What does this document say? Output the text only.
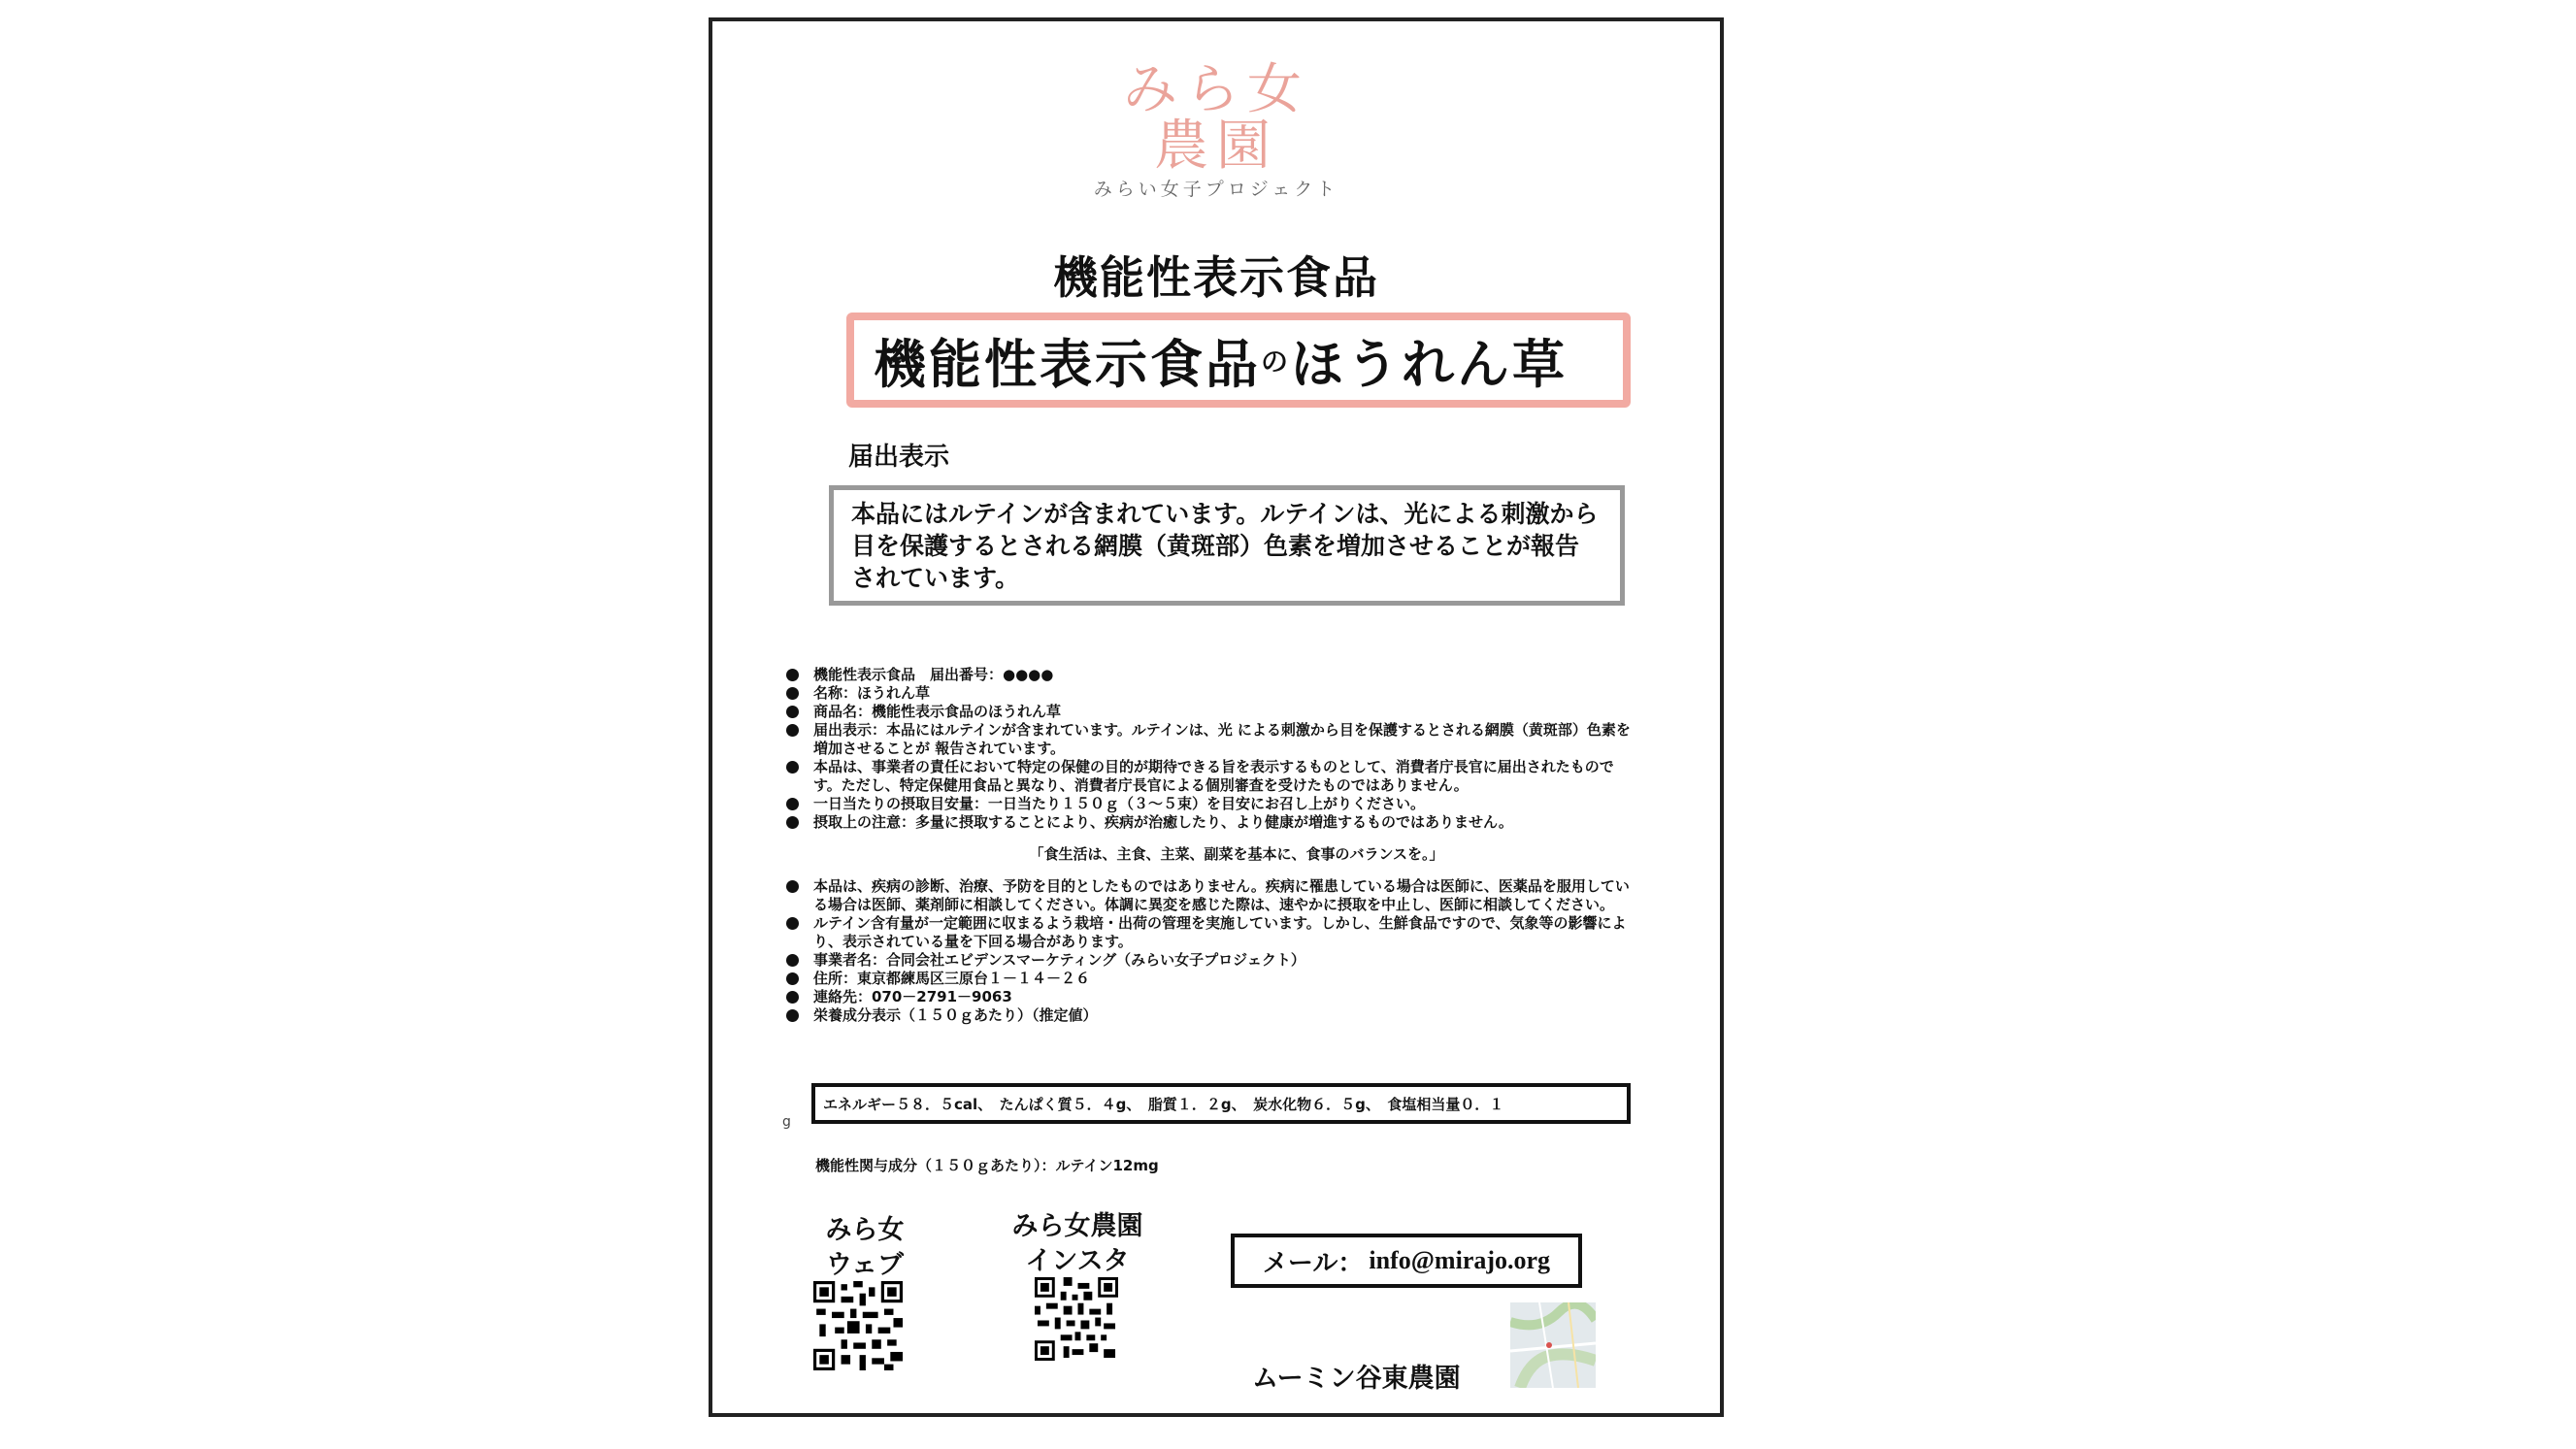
みら女
農園
みらい女子プロジェクト
機能性表示食品
機能性表示食品 の ほうれん草
届出表示
本品にはルテインが含まれています。ルテインは、光による刺激から目を保護するとされる網膜（黄斑部）色素を増加させることが報告されています。

機能性表示食品　届出番号：●●●●

名称：ほうれん草

商品名：機能性表示食品のほうれん草

届出表示：本品にはルテインが含まれています。ルテインは、光 による刺激から目を保護するとされる網膜（黄斑部）色素を増加させることが 報告されています。

本品は、事業者の責任において特定の保健の目的が期待できる旨を表示するものとして、消費者庁長官に届出されたものです。ただし、特定保健用食品と異なり、消費者庁長官による個別審査を受けたものではありません。

一日当たりの摂取目安量：一日当たり１５０ｇ（３～５束）を目安にお召し上がりください。

摂取上の注意：多量に摂取することにより、疾病が治癒したり、より健康が増進するものではありません。

「食生活は、主食、主菜、副菜を基本に、食事のバランスを。」

本品は、疾病の診断、治療、予防を目的としたものではありません。疾病に罹患している場合は医師に、医薬品を服用している場合は医師、薬剤師に相談してください。体調に異変を感じた際は、速やかに摂取を中止し、医師に相談してください。

ルテイン含有量が一定範囲に収まるよう栽培・出荷の管理を実施しています。しかし、生鮮食品ですので、気象等の影響により、表示されている量を下回る場合があります。

事業者名：合同会社エビデンスマーケティング（みらい女子プロジェクト）

住所：東京都練馬区三原台１－１４－２６

連絡先：070－2791－9063

栄養成分表示（１５０ｇあたり）（推定値）

エネルギー５８．５cal、　たんぱく質５．４g、　脂質１．２g、　炭水化物６．５g、　食塩相当量０．１
g
機能性関与成分（１５０ｇあたり）：ルテイン12mg
みら女
ウェブ
みら女農園
インスタ	メール： info@mirajo.org
ムーミン谷東農園
